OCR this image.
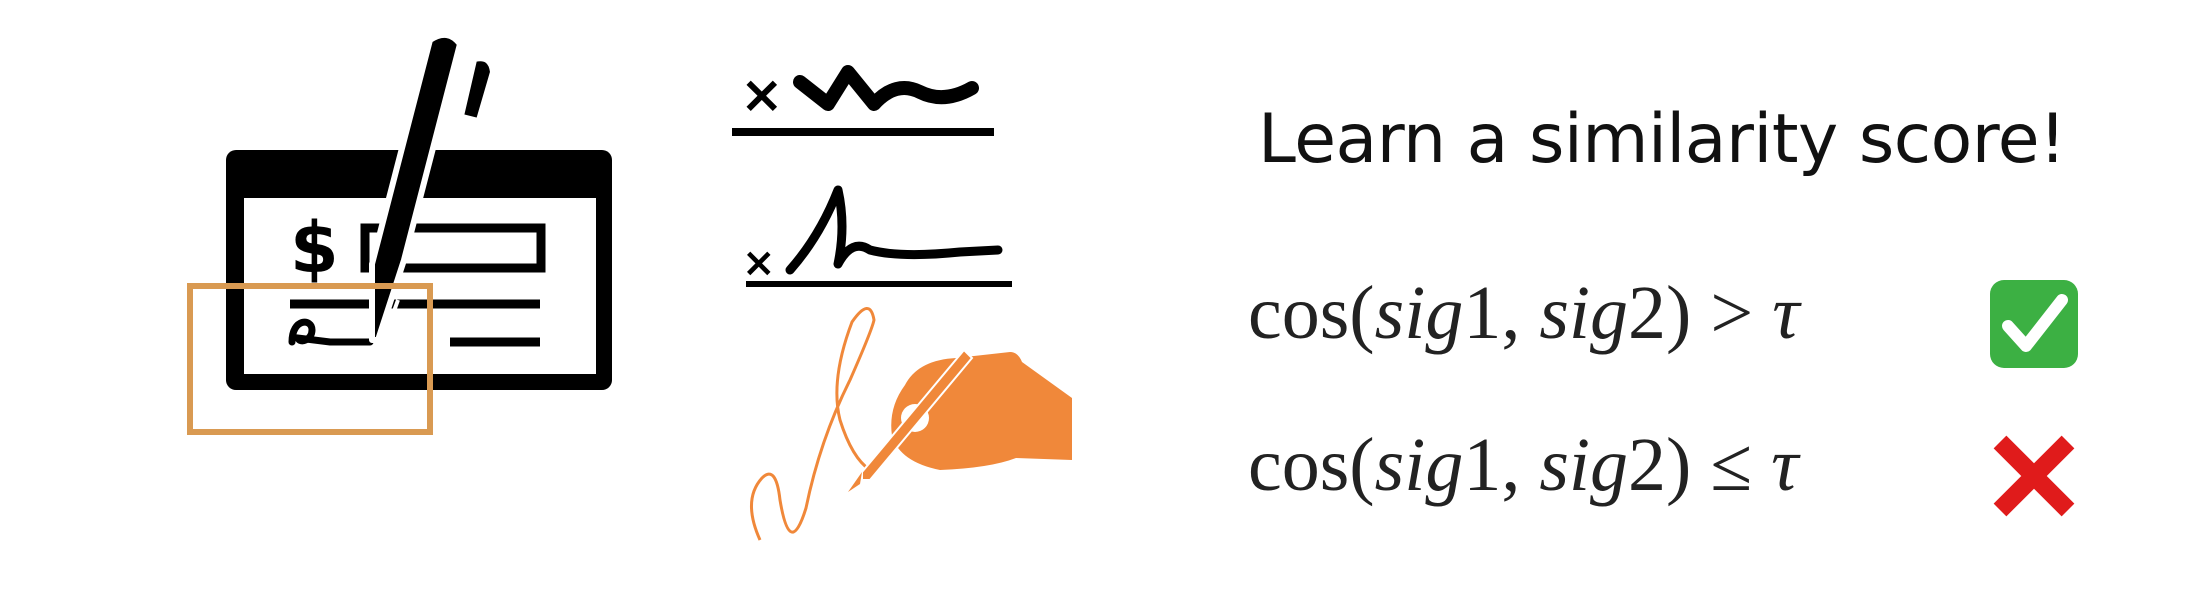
$
×
×
Learn a similarity score!
cos(sig1, sig2) > τ
cos(sig1, sig2) ≤ τ
